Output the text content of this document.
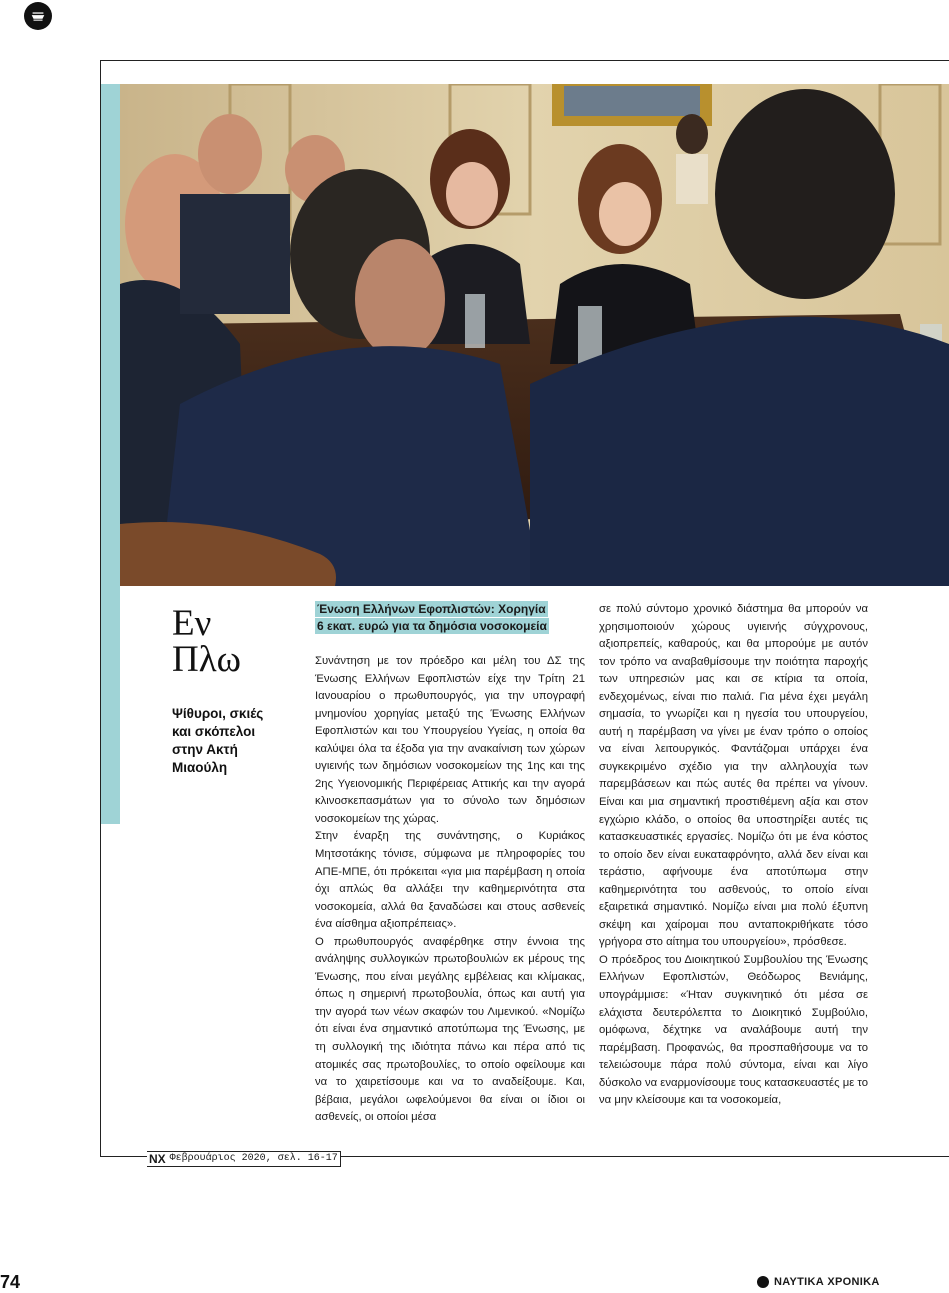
Εν
Πλω
Ψίθυροι, σκιές και σκόπελοι στην Ακτή Μιαούλη
Ένωση Ελλήνων Εφοπλιστών: Χορηγία
6 εκατ. ευρώ για τα δημόσια νοσοκομεία

Συνάντηση με τον πρόεδρο και μέλη του ΔΣ της Ένωσης Ελλήνων Εφοπλιστών είχε την Τρίτη 21 Ιανουαρίου ο πρωθυπουργός, για την υπογραφή μνημονίου χορηγίας μεταξύ της Ένωσης Ελλήνων Εφοπλιστών και του Υπουργείου Υγείας, η οποία θα καλύψει όλα τα έξοδα για την ανακαίνιση των χώρων υγιεινής των δημόσιων νοσοκομείων της 1ης και της 2ης Υγειονομικής Περιφέρειας Αττικής και την αγορά κλινοσκεπασμάτων για το σύνολο των δημόσιων νοσοκομείων της χώρας.

Στην έναρξη της συνάντησης, ο Κυριάκος Μητσοτάκης τόνισε, σύμφωνα με πληροφορίες του ΑΠΕ-ΜΠΕ, ότι πρόκειται «για μια παρέμβαση η οποία όχι απλώς θα αλλάξει την καθημερινότητα στα νοσοκομεία, αλλά θα ξαναδώσει και στους ασθενείς ένα αίσθημα αξιοπρέπειας».

Ο πρωθυπουργός αναφέρθηκε στην έννοια της ανάληψης συλλογικών πρωτοβουλιών εκ μέρους της Ένωσης, που είναι μεγάλης εμβέλειας και κλίμακας, όπως η σημερινή πρωτοβουλία, όπως και αυτή για την αγορά των νέων σκαφών του Λιμενικού. «Νομίζω ότι είναι ένα σημαντικό αποτύπωμα της Ένωσης, με τη συλλογική της ιδιότητα πάνω και πέρα από τις ατομικές σας πρωτοβουλίες, το οποίο οφείλουμε και να το χαιρετίσουμε και να το αναδείξουμε. Και, βέβαια, μεγάλοι ωφελούμενοι θα είναι οι ίδιοι οι ασθενείς, οι οποίοι μέσα

σε πολύ σύντομο χρονικό διάστημα θα μπορούν να χρησιμοποιούν χώρους υγιεινής σύγχρονους, αξιοπρεπείς, καθαρούς, και θα μπορούμε με αυτόν τον τρόπο να αναβαθμίσουμε την ποιότητα παροχής των υπηρεσιών μας και σε κτίρια τα οποία, ενδεχομένως, είναι πιο παλιά. Για μένα έχει μεγάλη σημασία, το γνωρίζει και η ηγεσία του υπουργείου, αυτή η παρέμβαση να γίνει με έναν τρόπο ο οποίος να είναι λειτουργικός. Φαντάζομαι υπάρχει ένα συγκεκριμένο σχέδιο για την αλληλουχία των παρεμβάσεων και πώς αυτές θα πρέπει να γίνουν. Είναι και μια σημαντική προστιθέμενη αξία και στον εγχώριο κλάδο, ο οποίος θα υποστηρίξει αυτές τις κατασκευαστικές εργασίες. Νομίζω ότι με ένα κόστος το οποίο δεν είναι ευκαταφρόνητο, αλλά δεν είναι και τεράστιο, αφήνουμε ένα αποτύπωμα στην καθημερινότητα του ασθενούς, το οποίο είναι εξαιρετικά σημαντικό. Νομίζω είναι μια πολύ έξυπνη σκέψη και χαίρομαι που ανταποκριθήκατε τόσο γρήγορα στο αίτημα του υπουργείου», πρόσθεσε.

Ο πρόεδρος του Διοικητικού Συμβουλίου της Ένωσης Ελλήνων Εφοπλιστών, Θεόδωρος Βενιάμης, υπογράμμισε: «Ήταν συγκινητικό ότι μέσα σε ελάχιστα δευτερόλεπτα το Διοικητικό Συμβούλιο, ομόφωνα, δέχτηκε να αναλάβουμε αυτή την παρέμβαση. Προφανώς, θα προσπαθήσουμε να το τελειώσουμε πάρα πολύ σύντομα, είναι και λίγο δύσκολο να εναρμονίσουμε τους κατασκευαστές με το να μην κλείσουμε και τα νοσοκομεία,

NX Φεβρουάριος 2020, σελ. 16-17
74	ΝΑΥΤΙΚΑ ΧΡΟΝΙΚΑ
